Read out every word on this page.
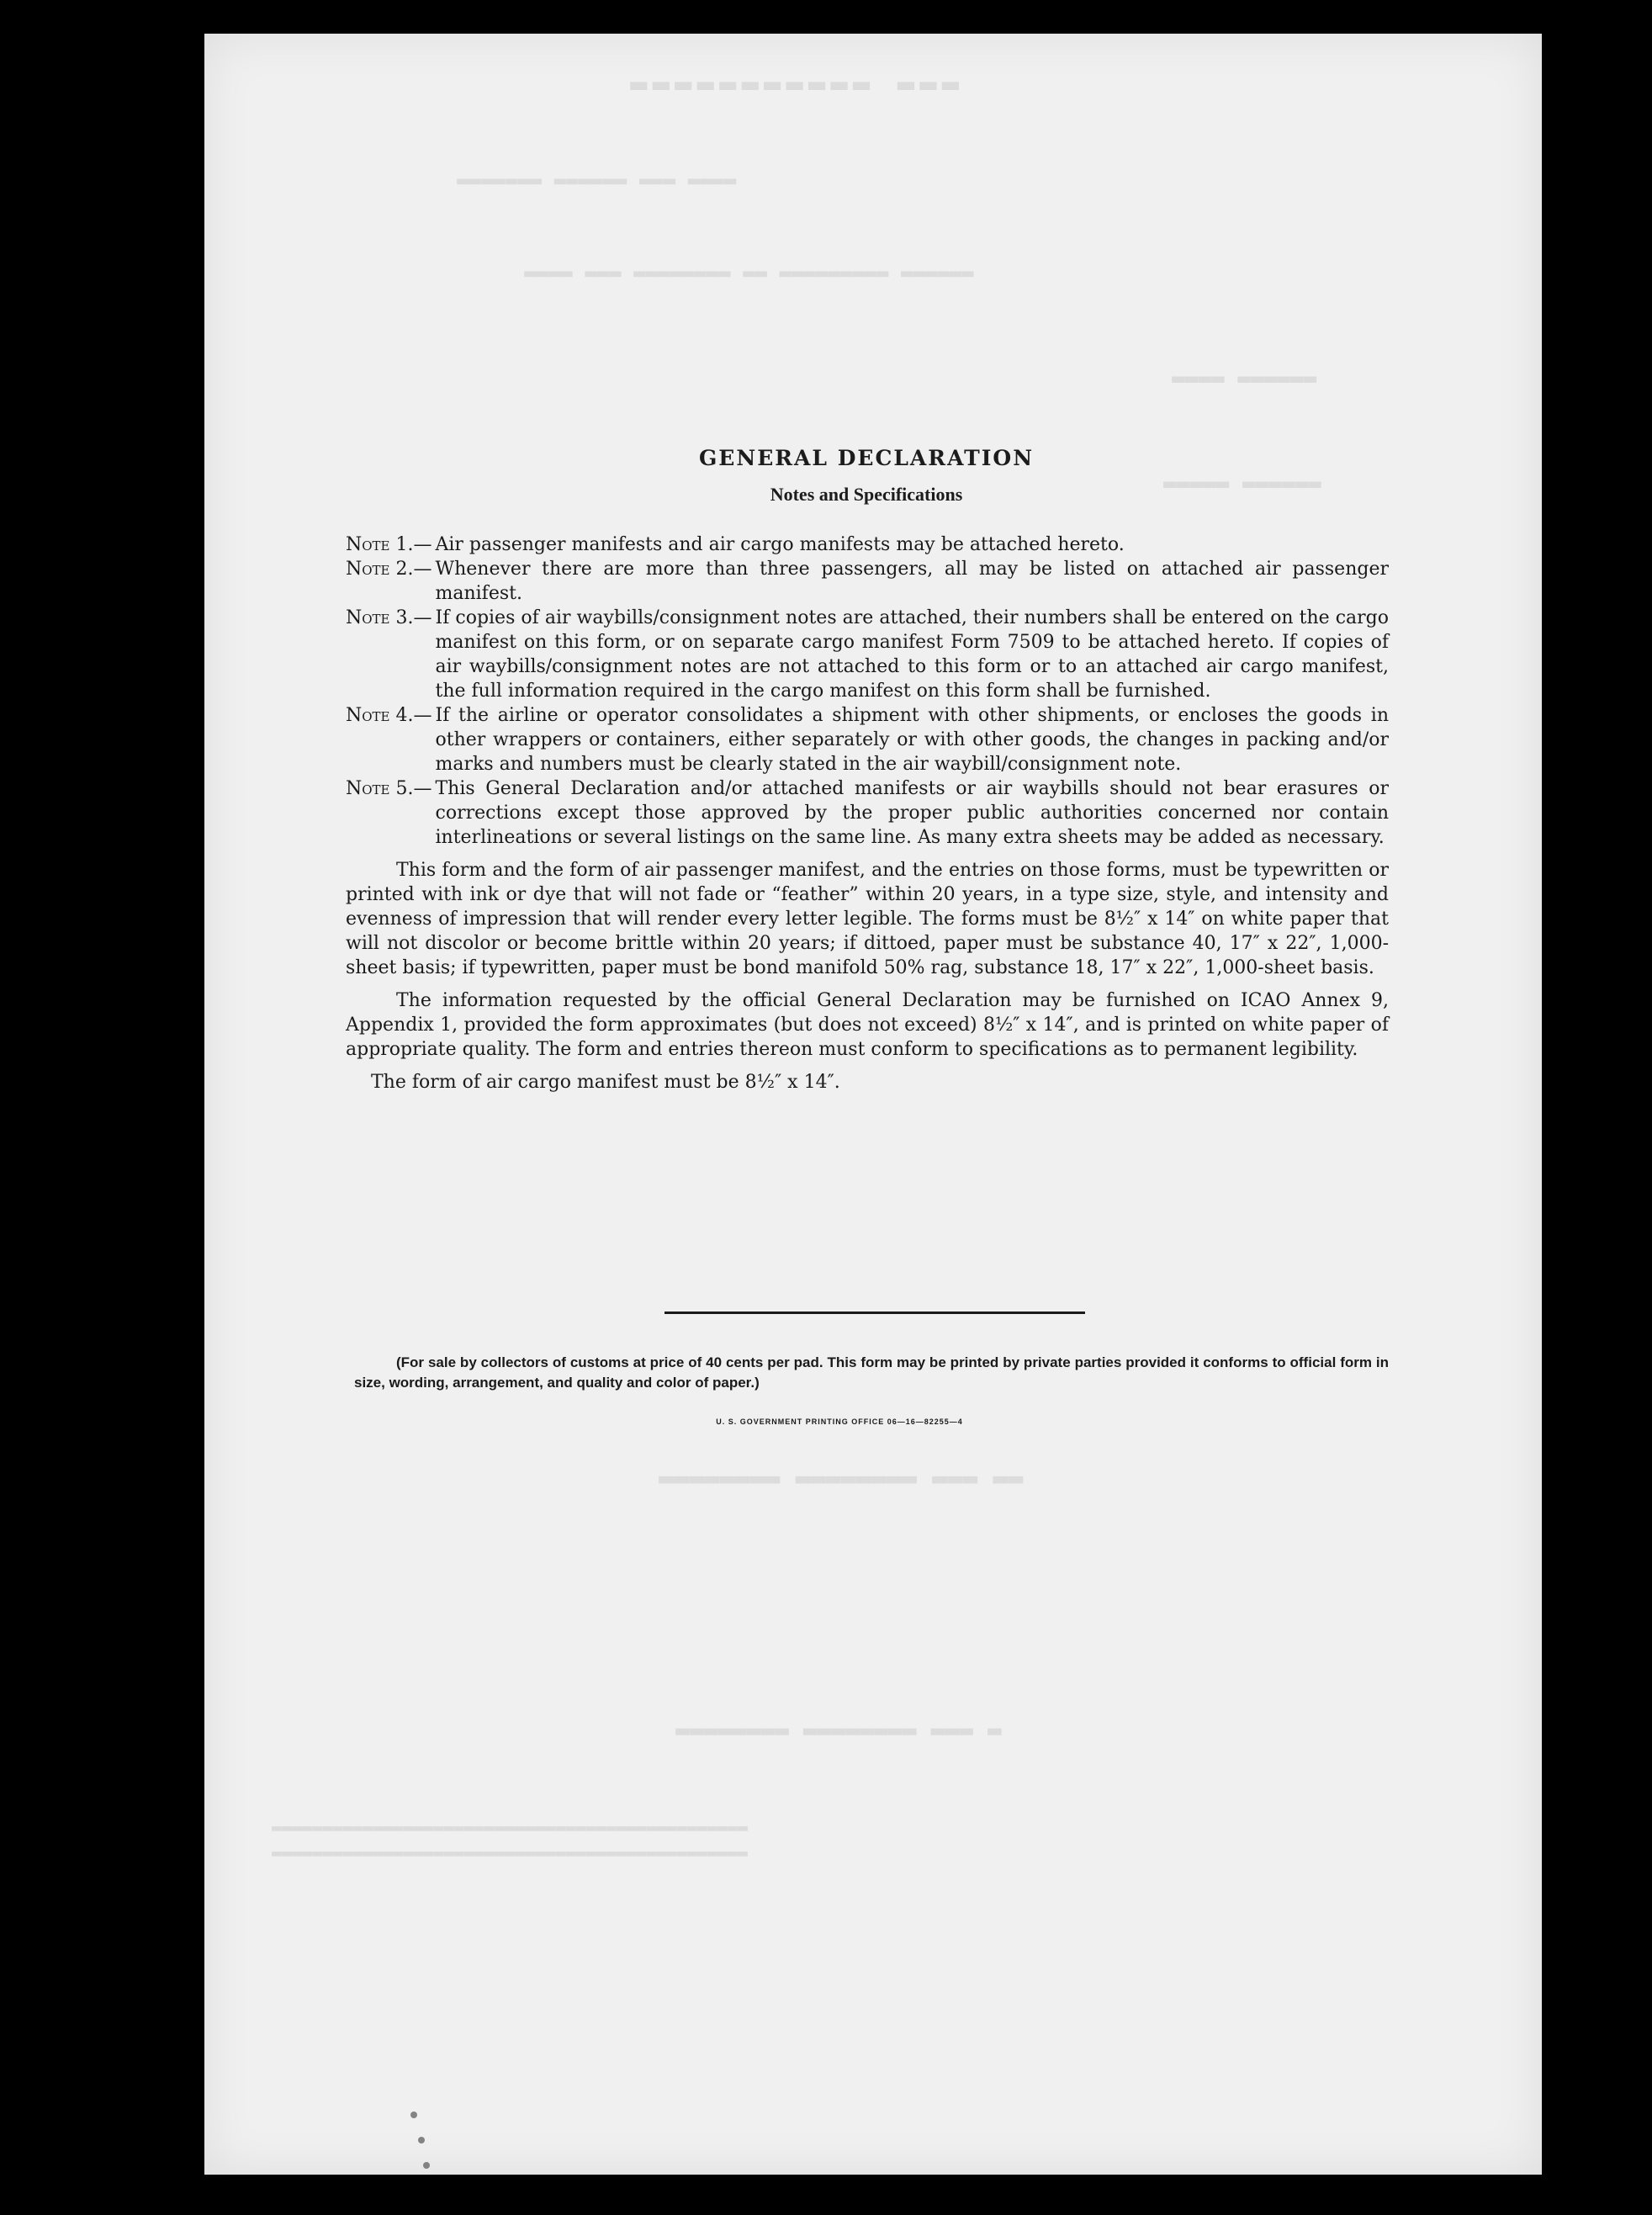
▬▬▬ ▬▬▬▬▬▬▬▬▬▬▬
▬▬▬▬ ▬▬▬ ▬▬▬▬▬▬ ▬▬▬▬▬▬▬
▬▬▬▬▬▬ ▬▬▬▬▬▬▬▬▬ ▬▬ ▬▬▬▬▬▬▬▬ ▬▬▬ ▬▬▬▬
▬▬▬▬▬▬ ▬▬▬▬
▬▬▬▬▬▬ ▬▬▬▬▬
▬▬ ▬▬▬ ▬▬▬▬▬▬▬▬ ▬▬▬▬▬▬▬▬
▬ ▬▬▬ ▬▬▬▬▬▬▬▬ ▬▬▬▬▬▬▬▬
▬▬▬▬▬▬▬▬▬▬▬▬▬▬▬▬▬▬▬▬▬▬▬▬▬▬▬▬▬▬▬▬▬▬▬▬▬▬▬▬▬▬▬▬▬▬▬
▬▬▬▬▬▬▬▬▬▬▬▬▬▬▬▬▬▬▬▬▬▬▬▬▬▬▬▬▬▬▬▬▬▬▬▬▬▬▬▬▬▬▬▬▬▬▬
GENERAL DECLARATION
Notes and Specifications
Note 1.— Air passenger manifests and air cargo manifests may be attached hereto.
Note 2.— Whenever there are more than three passengers, all may be listed on attached air passenger manifest.
Note 3.— If copies of air waybills/consignment notes are attached, their numbers shall be entered on the cargo manifest on this form, or on separate cargo manifest Form 7509 to be attached hereto. If copies of air waybills/consignment notes are not attached to this form or to an attached air cargo manifest, the full information required in the cargo manifest on this form shall be furnished.
Note 4.— If the airline or operator consolidates a shipment with other shipments, or encloses the goods in other wrappers or containers, either separately or with other goods, the changes in packing and/or marks and numbers must be clearly stated in the air waybill/consignment note.
Note 5.— This General Declaration and/or attached manifests or air waybills should not bear erasures or corrections except those approved by the proper public authorities concerned nor contain interlineations or several listings on the same line. As many extra sheets may be added as necessary.

This form and the form of air passenger manifest, and the entries on those forms, must be typewritten or printed with ink or dye that will not fade or “feather” within 20 years, in a type size, style, and intensity and evenness of impression that will render every letter legible. The forms must be 8½″ x 14″ on white paper that will not discolor or become brittle within 20 years; if dittoed, paper must be substance 40, 17″ x 22″, 1,000-sheet basis; if typewritten, paper must be bond manifold 50% rag, substance 18, 17″ x 22″, 1,000-sheet basis.

The information requested by the official General Declaration may be furnished on ICAO Annex 9, Appendix 1, provided the form approximates (but does not exceed) 8½″ x 14″, and is printed on white paper of appropriate quality. The form and entries thereon must conform to specifications as to permanent legibility.

The form of air cargo manifest must be 8½″ x 14″.

(For sale by collectors of customs at price of 40 cents per pad. This form may be printed by private parties provided it conforms to official form in size, wording, arrangement, and quality and color of paper.)
U. S. GOVERNMENT PRINTING OFFICE 06—16—82255—4
